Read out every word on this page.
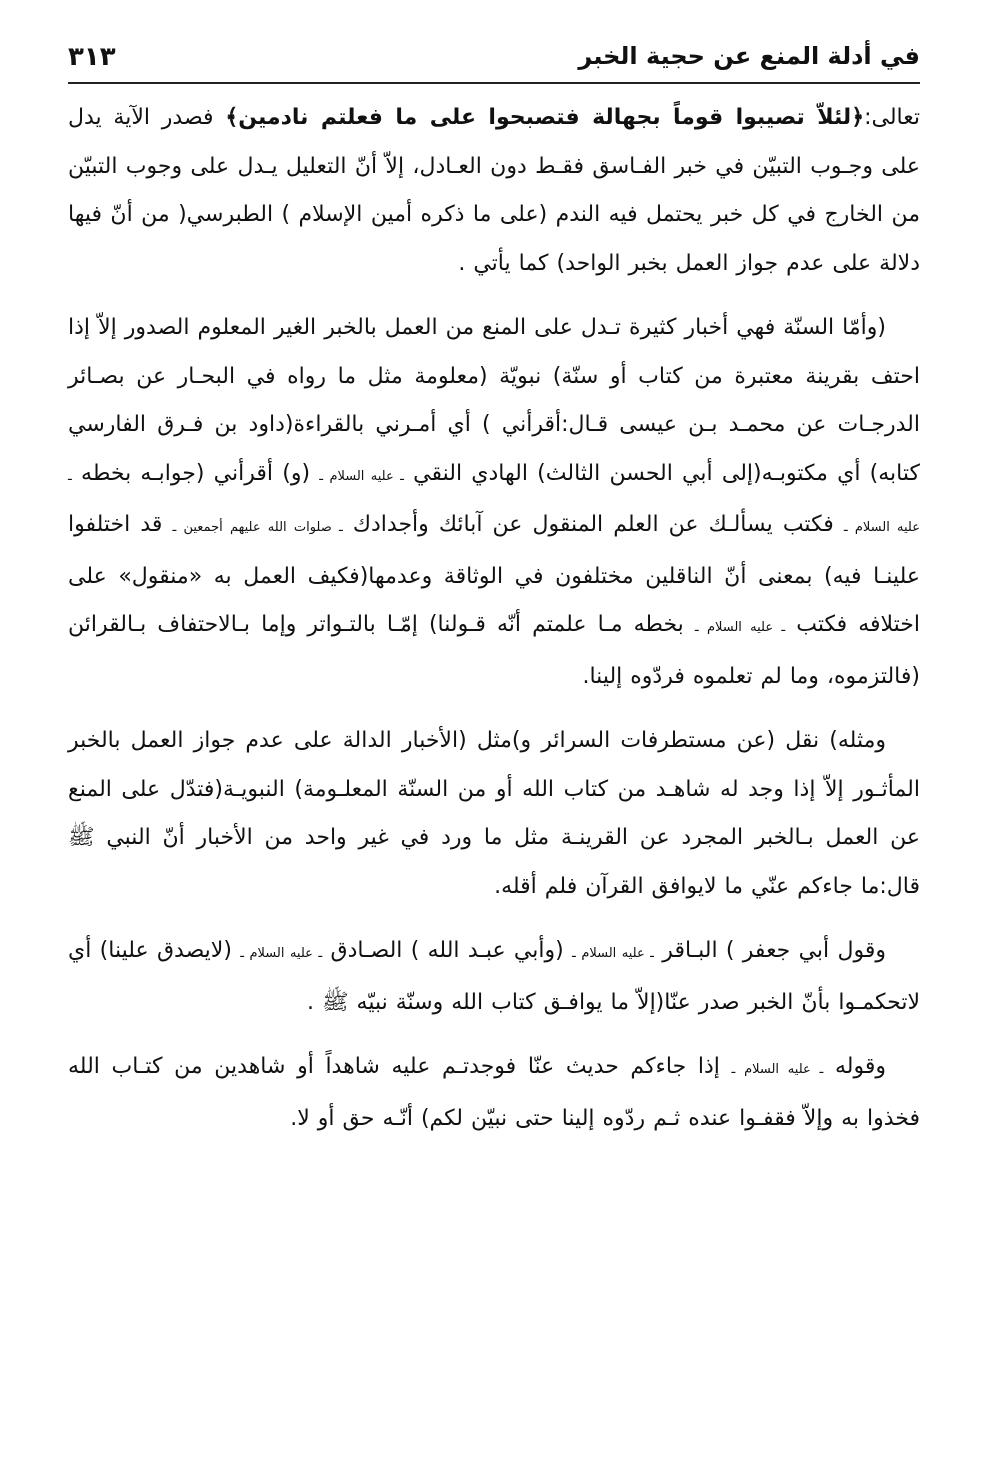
في أدلة المنع عن حجية الخبر
٣١٣

تعالى:﴿لئلاّ تصيبوا قوماً بجهالة فتصبحوا على ما فعلتم نادمين﴾ فصدر الآية يدل على وجـوب التبيّن في خبر الفـاسق فقـط دون العـادل، إلاّ أنّ التعليل يـدل على وجوب التبيّن من الخارج في كل خبر يحتمل فيه الندم (على ما ذكره أمين الإسلام ) الطبرسي( من أنّ فيها دلالة على عدم جواز العمل بخبر الواحد) كما يأتي .

(وأمّا السنّة فهي أخبار كثيرة تـدل على المنع من العمل بالخبر الغير المعلوم الصدور إلاّ إذا احتف بقرينة معتبرة من كتاب أو سنّة) نبويّة (معلومة مثل ما رواه في البحـار عن بصـائر الدرجـات عن محمـد بـن عيسى قـال:أقرأني ) أي أمـرني بالقراءة(داود بن فـرق الفارسي كتابه) أي مكتوبـه(إلى أبي الحسن الثالث) الهادي النقي ـ عليه السلام ـ (و) أقرأني (جوابـه بخطه ـ عليه السلام ـ فكتب يسألـك عن العلم المنقول عن آبائك وأجدادك ـ صلوات الله عليهم أجمعين ـ قد اختلفوا علينـا فيه) بمعنى أنّ الناقلين مختلفون في الوثاقة وعدمها(فكيف العمل به «منقول» على اختلافه فكتب ـ عليه السلام ـ بخطه مـا علمتم أنّه قـولنا) إمّـا بالتـواتر وإما بـالاحتفاف بـالقرائن (فالتزموه، وما لم تعلموه فردّوه إلينا.

ومثله) نقل (عن مستطرفات السرائر و)مثل (الأخبار الدالة على عدم جواز العمل بالخبر المأثـور إلاّ إذا وجد له شاهـد من كتاب الله أو من السنّة المعلـومة) النبويـة(فتدّل على المنع عن العمل بـالخبر المجرد عن القرينـة مثل ما ورد في غير واحد من الأخبار أنّ النبي ﷺ قال:ما جاءكم عنّي ما لايوافق القرآن فلم أقله.

وقول أبي جعفر ) البـاقر ـ عليه السلام ـ (وأبي عبـد الله ) الصـادق ـ عليه السلام ـ (لايصدق علينا) أي لاتحكمـوا بأنّ الخبر صدر عنّا(إلاّ ما يوافـق كتاب الله وسنّة نبيّه ﷺ .

وقوله ـ عليه السلام ـ إذا جاءكم حديث عنّا فوجدتـم عليه شاهداً أو شاهدين من كتـاب الله فخذوا به وإلاّ فقفـوا عنده ثـم ردّوه إلينا حتى نبيّن لكم) أنّـه حق أو لا.
